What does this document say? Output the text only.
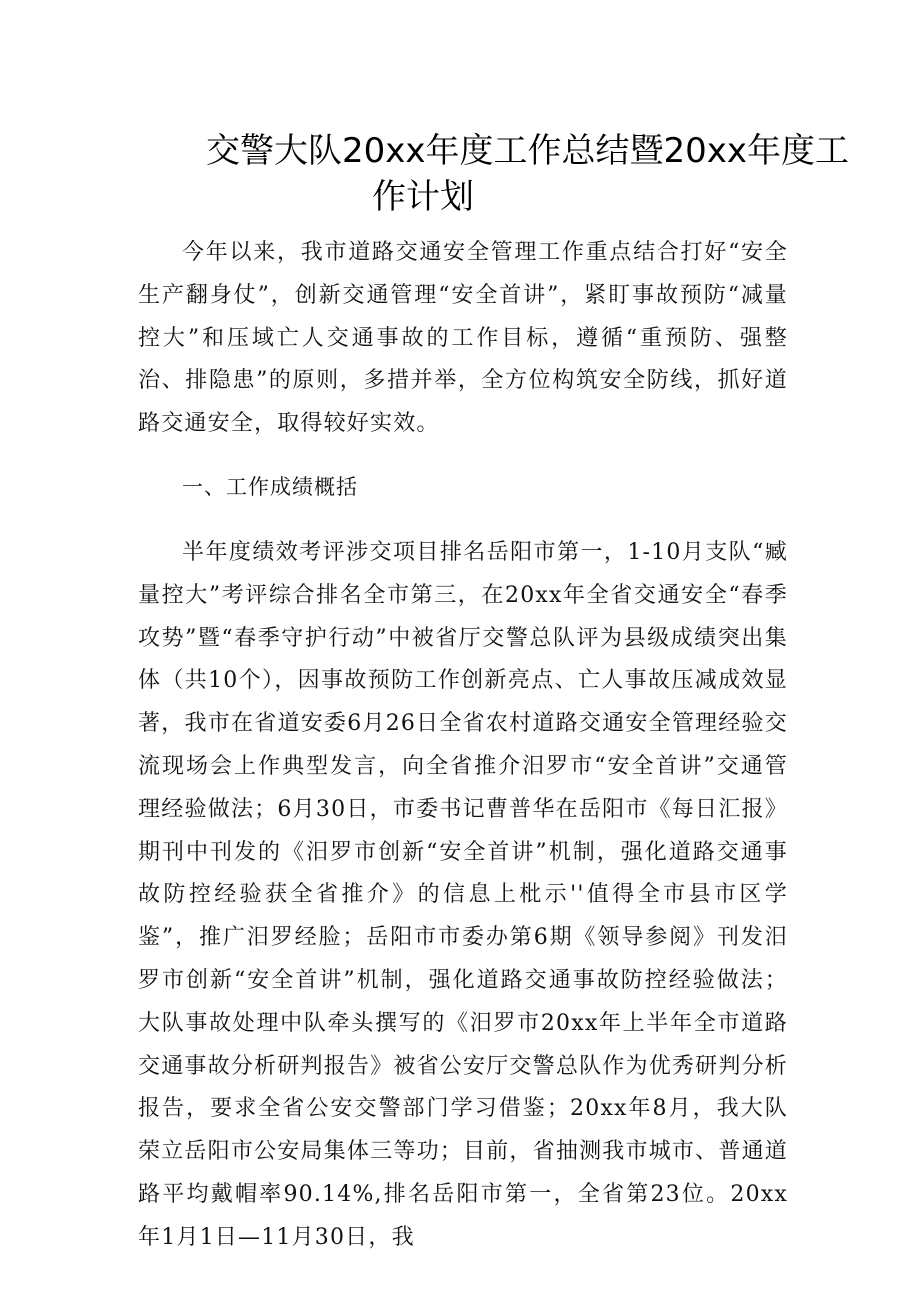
交警大队20xx年度工作总结暨20xx年度工
作计划

今年以来，我市道路交通安全管理工作重点结合打好“安全生产翻身仗”，创新交通管理“安全首讲”，紧盯事故预防“减量控大”和压域亡人交通事故的工作目标，遵循“重预防、强整治、排隐患”的原则，多措并举，全方位构筑安全防线，抓好道路交通安全，取得较好实效。

一、工作成绩概括

半年度绩效考评涉交项目排名岳阳市第一，1-10月支队“臧量控大”考评综合排名全市第三，在20xx年全省交通安全“春季攻势”暨“春季守护行动”中被省厅交警总队评为县级成绩突出集体（共10个），因事故预防工作创新亮点、亡人事故压减成效显著，我市在省道安委6月26日全省农村道路交通安全管理经验交流现场会上作典型发言，向全省推介汨罗市“安全首讲”交通管理经验做法；6月30日，市委书记曹普华在岳阳市《每日汇报》期刊中刊发的《汨罗市创新“安全首讲”机制，强化道路交通事故防控经验获全省推介》的信息上枇示''值得全市县市区学鉴”，推广汨罗经脸；岳阳市市委办第6期《领导参阅》刊发汨罗市创新“安全首讲”机制，强化道路交通事故防控经验做法；大队事故处理中队牵头撰写的《汨罗市20xx年上半年全市道路交通事故分析研判报告》被省公安厅交警总队作为优秀研判分析报告，要求全省公安交警部门学习借鉴；20xx年8月，我大队荣立岳阳市公安局集体三等功；目前，省抽测我市城市、普通道路平均戴帽率90.14%,排名岳阳市第一，全省第23位。20xx年1月1日—11月30日，我
